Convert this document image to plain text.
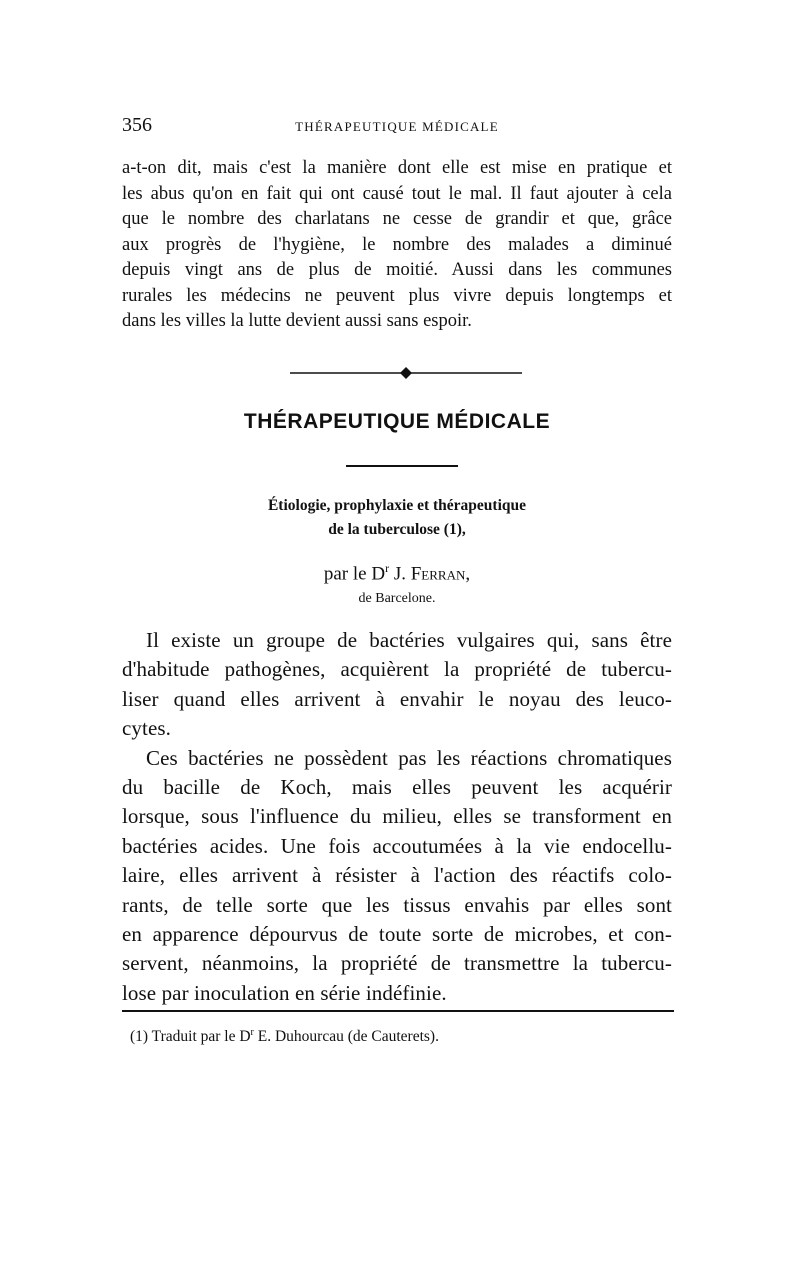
356	THÉRAPEUTIQUE MÉDICALE
a-t-on dit, mais c'est la manière dont elle est mise en pratique et
les abus qu'on en fait qui ont causé tout le mal. Il faut ajouter à cela
que le nombre des charlatans ne cesse de grandir et que, grâce
aux progrès de l'hygiène, le nombre des malades a diminué
depuis vingt ans de plus de moitié. Aussi dans les communes
rurales les médecins ne peuvent plus vivre depuis longtemps et
dans les villes la lutte devient aussi sans espoir.
THÉRAPEUTIQUE MÉDICALE
Étiologie, prophylaxie et thérapeutique
de la tuberculose (1),
par le $D^r$ J. Ferran,
de Barcelone.
Il existe un groupe de bactéries vulgaires qui, sans être
d'habitude pathogènes, acquièrent la propriété de tubercu-
liser quand elles arrivent à envahir le noyau des leuco-
cytes.
Ces bactéries ne possèdent pas les réactions chromatiques
du bacille de Koch, mais elles peuvent les acquérir
lorsque, sous l'influence du milieu, elles se transforment en
bactéries acides. Une fois accoutumées à la vie endocellu-
laire, elles arrivent à résister à l'action des réactifs colo-
rants, de telle sorte que les tissus envahis par elles sont
en apparence dépourvus de toute sorte de microbes, et con-
servent, néanmoins, la propriété de transmettre la tubercu-
lose par inoculation en série indéfinie.
(1) Traduit par le $D^r$ E. Duhourcau (de Cauterets).
